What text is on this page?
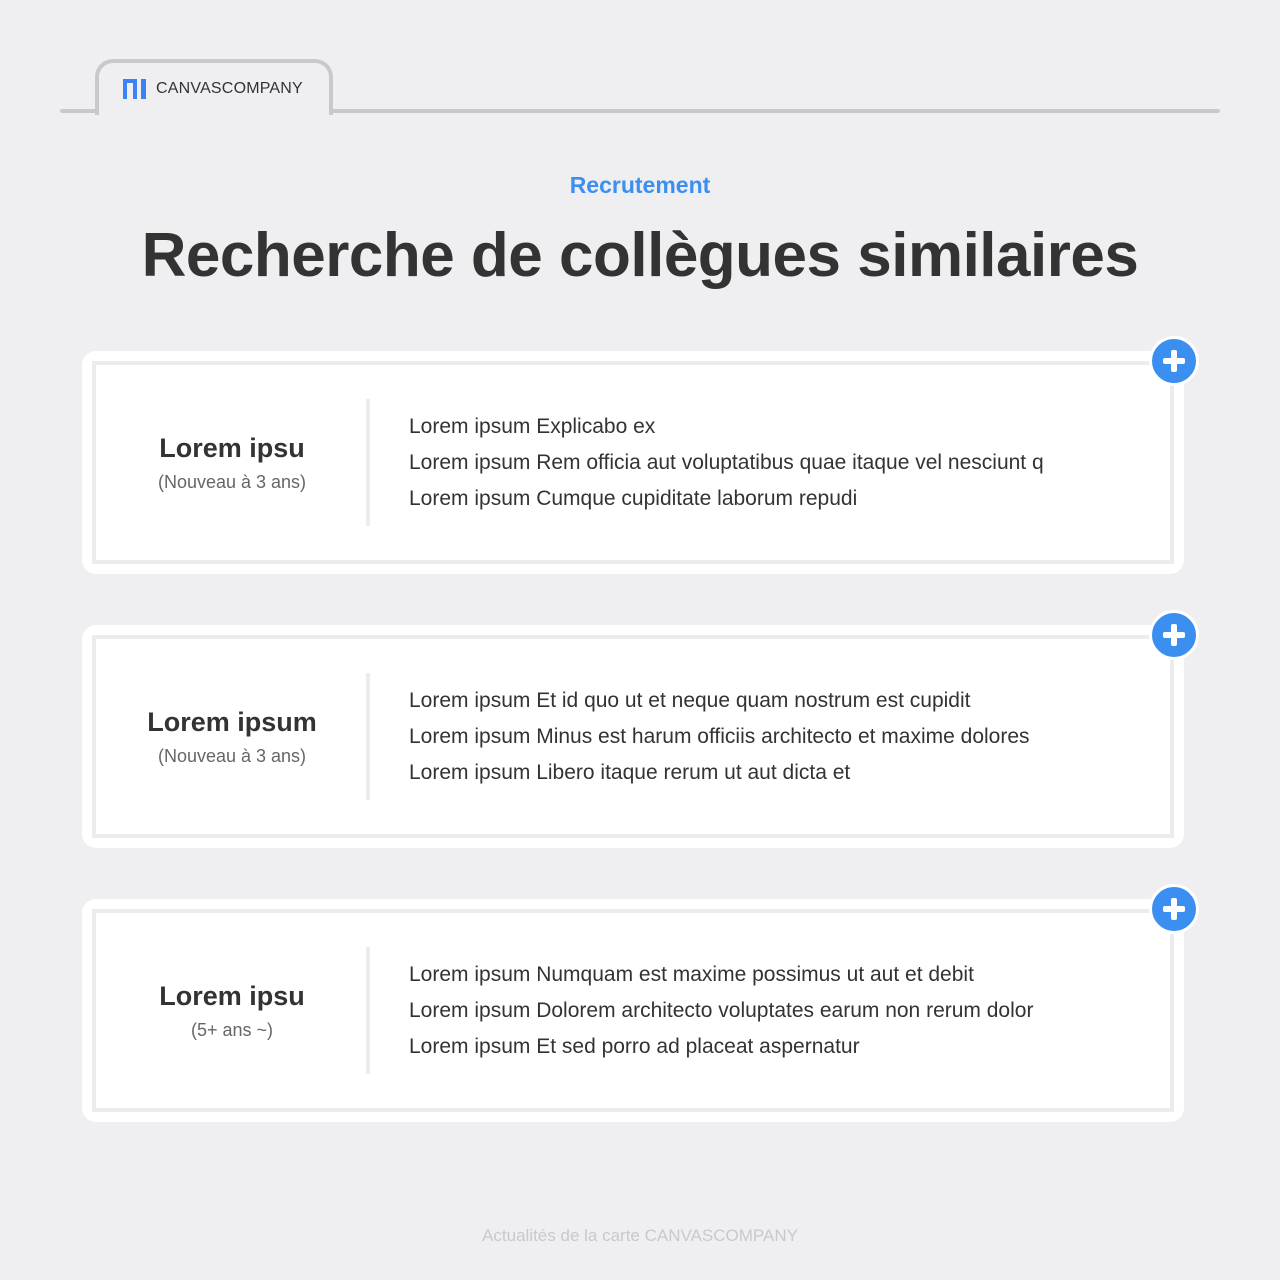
CANVASCOMPANY
Recrutement
Recherche de collègues similaires
Lorem ipsu
(Nouveau à 3 ans)
Lorem ipsum Explicabo ex
Lorem ipsum Rem officia aut voluptatibus quae itaque vel nesciunt q
Lorem ipsum Cumque cupiditate laborum repudi
Lorem ipsum
(Nouveau à 3 ans)
Lorem ipsum Et id quo ut et neque quam nostrum est cupidit
Lorem ipsum Minus est harum officiis architecto et maxime dolores
Lorem ipsum Libero itaque rerum ut aut dicta et
Lorem ipsu
(5+ ans ~)
Lorem ipsum Numquam est maxime possimus ut aut et debit
Lorem ipsum Dolorem architecto voluptates earum non rerum dolor
Lorem ipsum Et sed porro ad placeat aspernatur
Actualités de la carte CANVASCOMPANY
